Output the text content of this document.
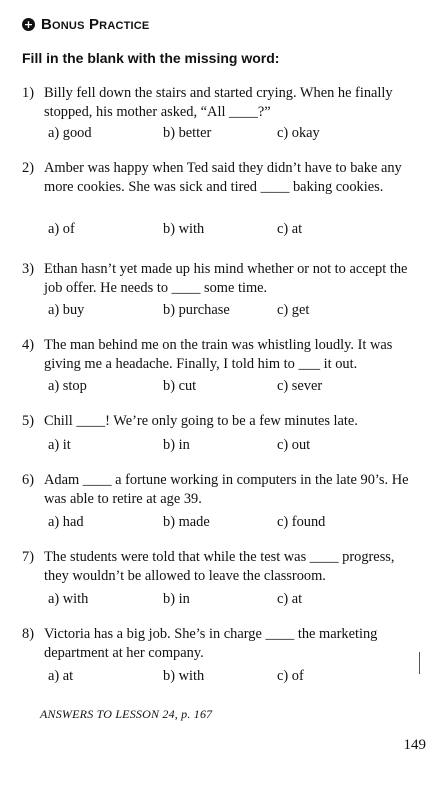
+ Bonus Practice
Fill in the blank with the missing word:
1) Billy fell down the stairs and started crying. When he finally stopped, his mother asked, “All ____?”
a) good	b) better	c) okay
2) Amber was happy when Ted said they didn’t have to bake any more cookies. She was sick and tired ____ baking cookies.
a) of	b) with	c) at
3) Ethan hasn’t yet made up his mind whether or not to accept the job offer. He needs to ____ some time.
a) buy	b) purchase	c) get
4) The man behind me on the train was whistling loudly. It was giving me a headache. Finally, I told him to ___ it out.
a) stop	b) cut	c) sever
5) Chill ____! We’re only going to be a few minutes late.
a) it	b) in	c) out
6) Adam ____ a fortune working in computers in the late 90’s. He was able to retire at age 39.
a) had	b) made	c) found
7) The students were told that while the test was ____ progress, they wouldn’t be allowed to leave the classroom.
a) with	b) in	c) at
8) Victoria has a big job. She’s in charge ____ the marketing department at her company.
a) at	b) with	c) of
ANSWERS TO LESSON 24, p. 167
149
